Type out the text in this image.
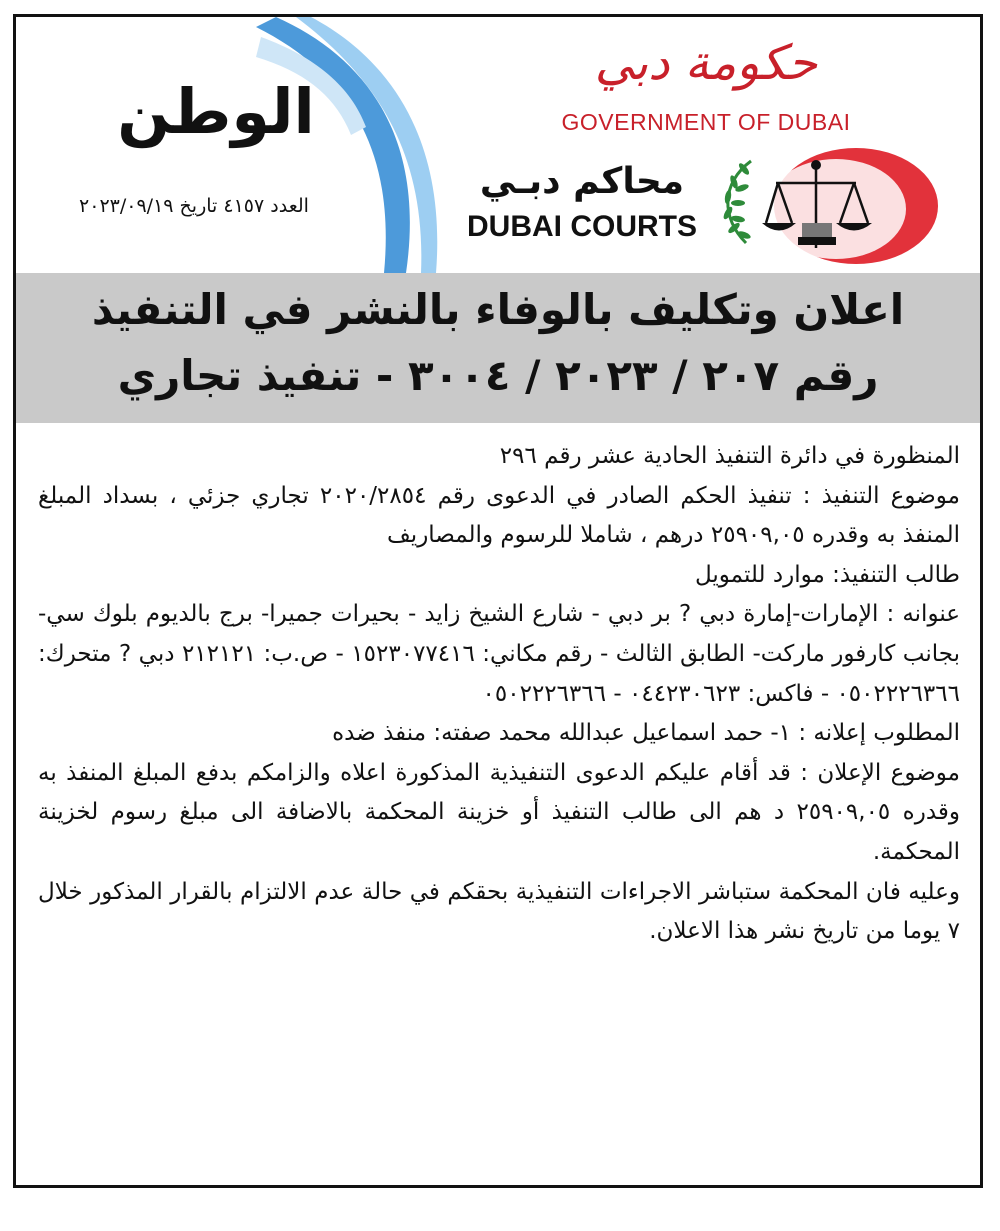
الوطن
العدد ٤١٥٧ تاريخ ٢٠٢٣/٠٩/١٩
حكومة دبي
GOVERNMENT OF DUBAI
محاكم دبـي
DUBAI COURTS
اعلان وتكليف بالوفاء بالنشر في التنفيذ
رقم ٢٠٧ / ٢٠٢٣ / ٣٠٠٤ - تنفيذ تجاري

المنظورة في دائرة التنفيذ الحادية عشر رقم ٢٩٦

موضوع التنفيذ : تنفيذ الحكم الصادر في الدعوى رقم ٢٠٢٠/٢٨٥٤ تجاري جزئي ، بسداد المبلغ المنفذ به وقدره ٢٥٩٠٩,٠٥ درهم ، شاملا للرسوم والمصاريف

طالب التنفيذ: موارد للتمويل

عنوانه : الإمارات-إمارة دبي ? بر دبي - شارع الشيخ زايد - بحيرات جميرا- برج بالديوم بلوك سي- بجانب كارفور ماركت- الطابق الثالث - رقم مكاني: ١٥٢٣٠٧٧٤١٦ - ص.ب: ٢١٢١٢١ دبي ? متحرك: ٠٥٠٢٢٢٦٣٦٦ - فاكس: ٠٤٤٢٣٠٦٢٣ - ٠٥٠٢٢٢٦٣٦٦

المطلوب إعلانه : ١- حمد اسماعيل عبدالله محمد صفته: منفذ ضده

موضوع الإعلان : قد أقام عليكم الدعوى التنفيذية المذكورة اعلاه والزامكم بدفع المبلغ المنفذ به وقدره ٢٥٩٠٩,٠٥ د هم الى طالب التنفيذ أو خزينة المحكمة بالاضافة الى مبلغ رسوم لخزينة المحكمة.

وعليه فان المحكمة ستباشر الاجراءات التنفيذية بحقكم في حالة عدم الالتزام بالقرار المذكور خلال ٧ يوما من تاريخ نشر هذا الاعلان.
